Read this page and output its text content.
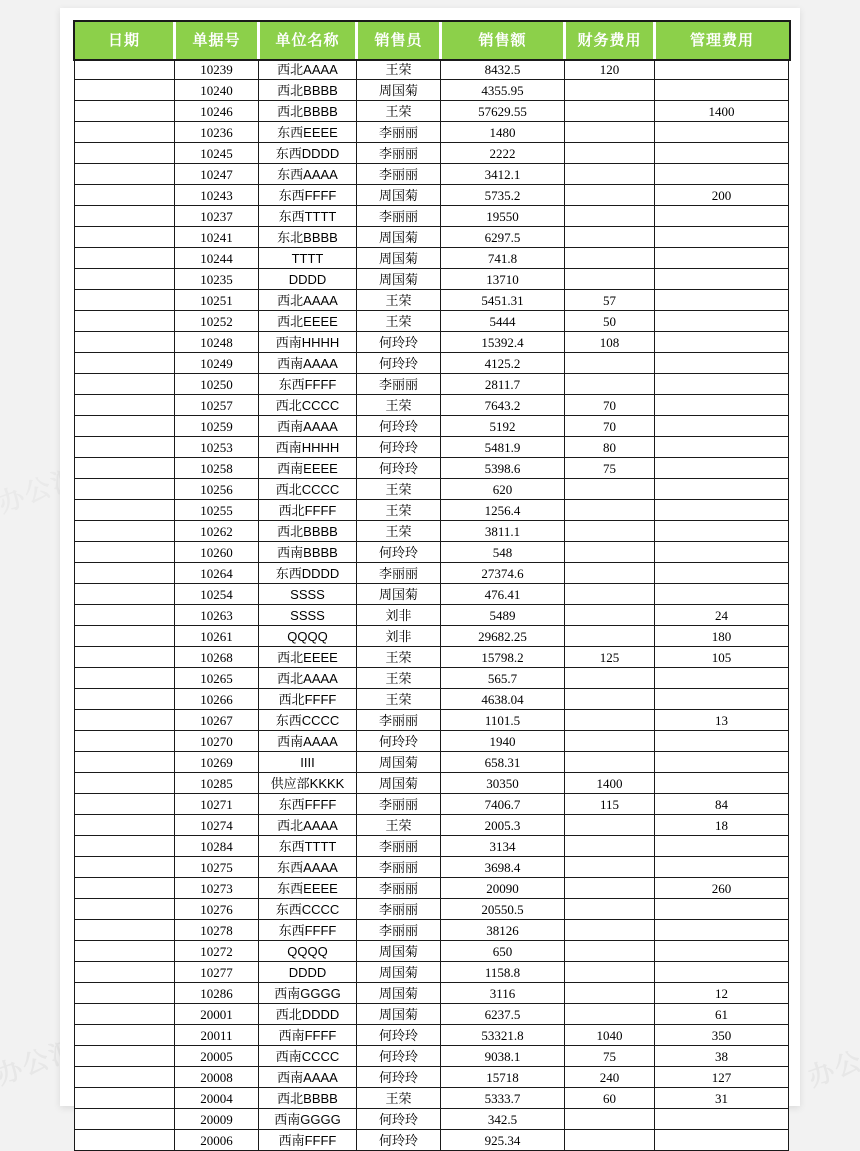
日期	单据号	单位名称	销售员	销售额	财务费用	管理费用
	10239	西北AAAA	王荣	8432.5	120	
	10240	西北BBBB	周国菊	4355.95		
	10246	西北BBBB	王荣	57629.55		1400
	10236	东西EEEE	李丽丽	1480		
	10245	东西DDDD	李丽丽	2222		
	10247	东西AAAA	李丽丽	3412.1		
	10243	东西FFFF	周国菊	5735.2		200
	10237	东西TTTT	李丽丽	19550		
	10241	东北BBBB	周国菊	6297.5		
	10244	TTTT	周国菊	741.8		
	10235	DDDD	周国菊	13710		
	10251	西北AAAA	王荣	5451.31	57	
	10252	西北EEEE	王荣	5444	50	
	10248	西南HHHH	何玲玲	15392.4	108	
	10249	西南AAAA	何玲玲	4125.2		
	10250	东西FFFF	李丽丽	2811.7		
	10257	西北CCCC	王荣	7643.2	70	
	10259	西南AAAA	何玲玲	5192	70	
	10253	西南HHHH	何玲玲	5481.9	80	
	10258	西南EEEE	何玲玲	5398.6	75	
	10256	西北CCCC	王荣	620		
	10255	西北FFFF	王荣	1256.4		
	10262	西北BBBB	王荣	3811.1		
	10260	西南BBBB	何玲玲	548		
	10264	东西DDDD	李丽丽	27374.6		
	10254	SSSS	周国菊	476.41		
	10263	SSSS	刘非	5489		24
	10261	QQQQ	刘非	29682.25		180
	10268	西北EEEE	王荣	15798.2	125	105
	10265	西北AAAA	王荣	565.7		
	10266	西北FFFF	王荣	4638.04		
	10267	东西CCCC	李丽丽	1101.5		13
	10270	西南AAAA	何玲玲	1940		
	10269	IIII	周国菊	658.31		
	10285	供应部KKKK	周国菊	30350	1400	
	10271	东西FFFF	李丽丽	7406.7	115	84
	10274	西北AAAA	王荣	2005.3		18
	10284	东西TTTT	李丽丽	3134		
	10275	东西AAAA	李丽丽	3698.4		
	10273	东西EEEE	李丽丽	20090		260
	10276	东西CCCC	李丽丽	20550.5		
	10278	东西FFFF	李丽丽	38126		
	10272	QQQQ	周国菊	650		
	10277	DDDD	周国菊	1158.8		
	10286	西南GGGG	周国菊	3116		12
	20001	西北DDDD	周国菊	6237.5		61
	20011	西南FFFF	何玲玲	53321.8	1040	350
	20005	西南CCCC	何玲玲	9038.1	75	38
	20008	西南AAAA	何玲玲	15718	240	127
	20004	西北BBBB	王荣	5333.7	60	31
	20009	西南GGGG	何玲玲	342.5		
	20006	西南FFFF	何玲玲	925.34		
